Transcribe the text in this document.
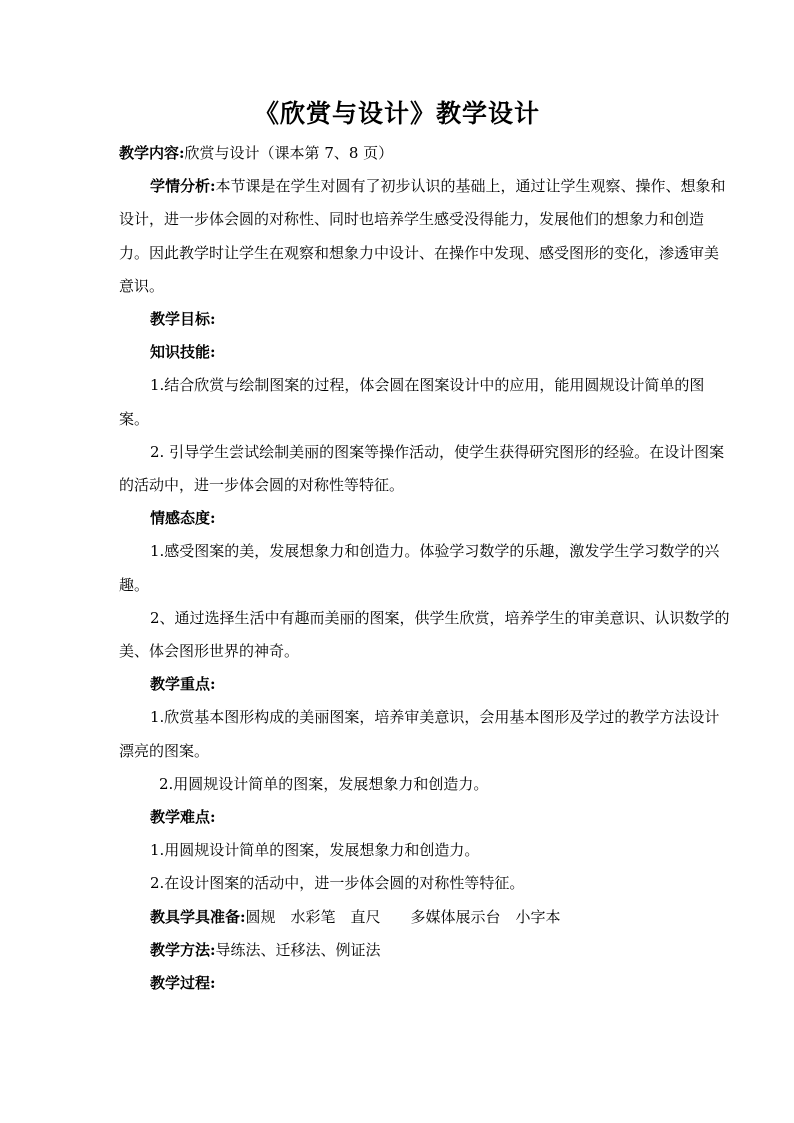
《欣赏与设计》教学设计

教学内容:欣赏与设计（课本第 7、8 页）

学情分析:本节课是在学生对圆有了初步认识的基础上，通过让学生观察、操作、想象和设计，进一步体会圆的对称性、同时也培养学生感受没得能力，发展他们的想象力和创造力。因此教学时让学生在观察和想象力中设计、在操作中发现、感受图形的变化，渗透审美意识。

教学目标:

知识技能:

1.结合欣赏与绘制图案的过程，体会圆在图案设计中的应用，能用圆规设计简单的图案。

2. 引导学生尝试绘制美丽的图案等操作活动，使学生获得研究图形的经验。在设计图案的活动中，进一步体会圆的对称性等特征。

情感态度:

1.感受图案的美，发展想象力和创造力。体验学习数学的乐趣，激发学生学习数学的兴趣。

2、通过选择生活中有趣而美丽的图案，供学生欣赏，培养学生的审美意识、认识数学的美、体会图形世界的神奇。

教学重点:

1.欣赏基本图形构成的美丽图案，培养审美意识，会用基本图形及学过的教学方法设计漂亮的图案。

2.用圆规设计简单的图案，发展想象力和创造力。

教学难点:

1.用圆规设计简单的图案，发展想象力和创造力。

2.在设计图案的活动中，进一步体会圆的对称性等特征。

教具学具准备:圆规　水彩笔　直尺　　多媒体展示台　小字本

教学方法:导练法、迁移法、例证法

教学过程:
